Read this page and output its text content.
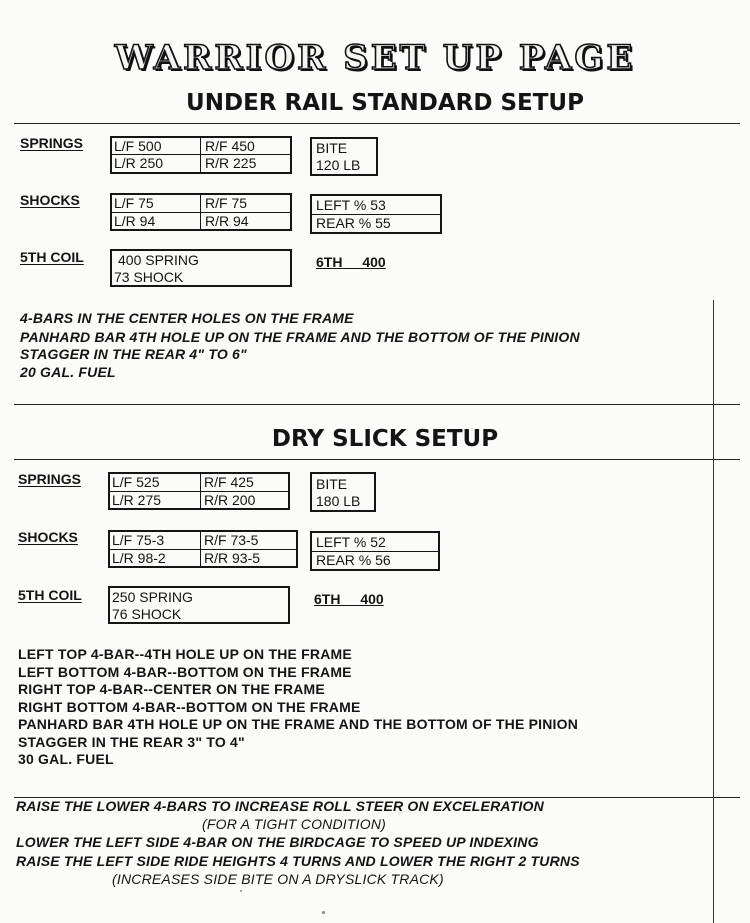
WARRIOR SET UP PAGE
UNDER RAIL STANDARD SETUP
SPRINGS L/F 500	R/F 450
L/R 250	R/R 225
BITE
120 LB
SHOCKS L/F 75	R/F 75
L/R 94	R/R 94
LEFT % 53
REAR % 55
5TH COIL 400 SPRING
73 SHOCK
6TH 400
4-BARS IN THE CENTER HOLES ON THE FRAME
PANHARD BAR 4TH HOLE UP ON THE FRAME AND THE BOTTOM OF THE PINION
STAGGER IN THE REAR 4" TO 6"
20 GAL. FUEL
DRY SLICK SETUP
SPRINGS L/F 525	R/F 425
L/R 275	R/R 200
BITE
180 LB
SHOCKS L/F 75-3	R/F 73-5
L/R 98-2	R/R 93-5
LEFT % 52
REAR % 56
5TH COIL 250 SPRING
76 SHOCK
6TH 400
LEFT TOP 4-BAR--4TH HOLE UP ON THE FRAME
LEFT BOTTOM 4-BAR--BOTTOM ON THE FRAME
RIGHT TOP 4-BAR--CENTER ON THE FRAME
RIGHT BOTTOM 4-BAR--BOTTOM ON THE FRAME
PANHARD BAR 4TH HOLE UP ON THE FRAME AND THE BOTTOM OF THE PINION
STAGGER IN THE REAR 3" TO 4"
30 GAL. FUEL
RAISE THE LOWER 4-BARS TO INCREASE ROLL STEER ON EXCELERATION
(FOR A TIGHT CONDITION)
LOWER THE LEFT SIDE 4-BAR ON THE BIRDCAGE TO SPEED UP INDEXING
RAISE THE LEFT SIDE RIDE HEIGHTS 4 TURNS AND LOWER THE RIGHT 2 TURNS
(INCREASES SIDE BITE ON A DRYSLICK TRACK)
